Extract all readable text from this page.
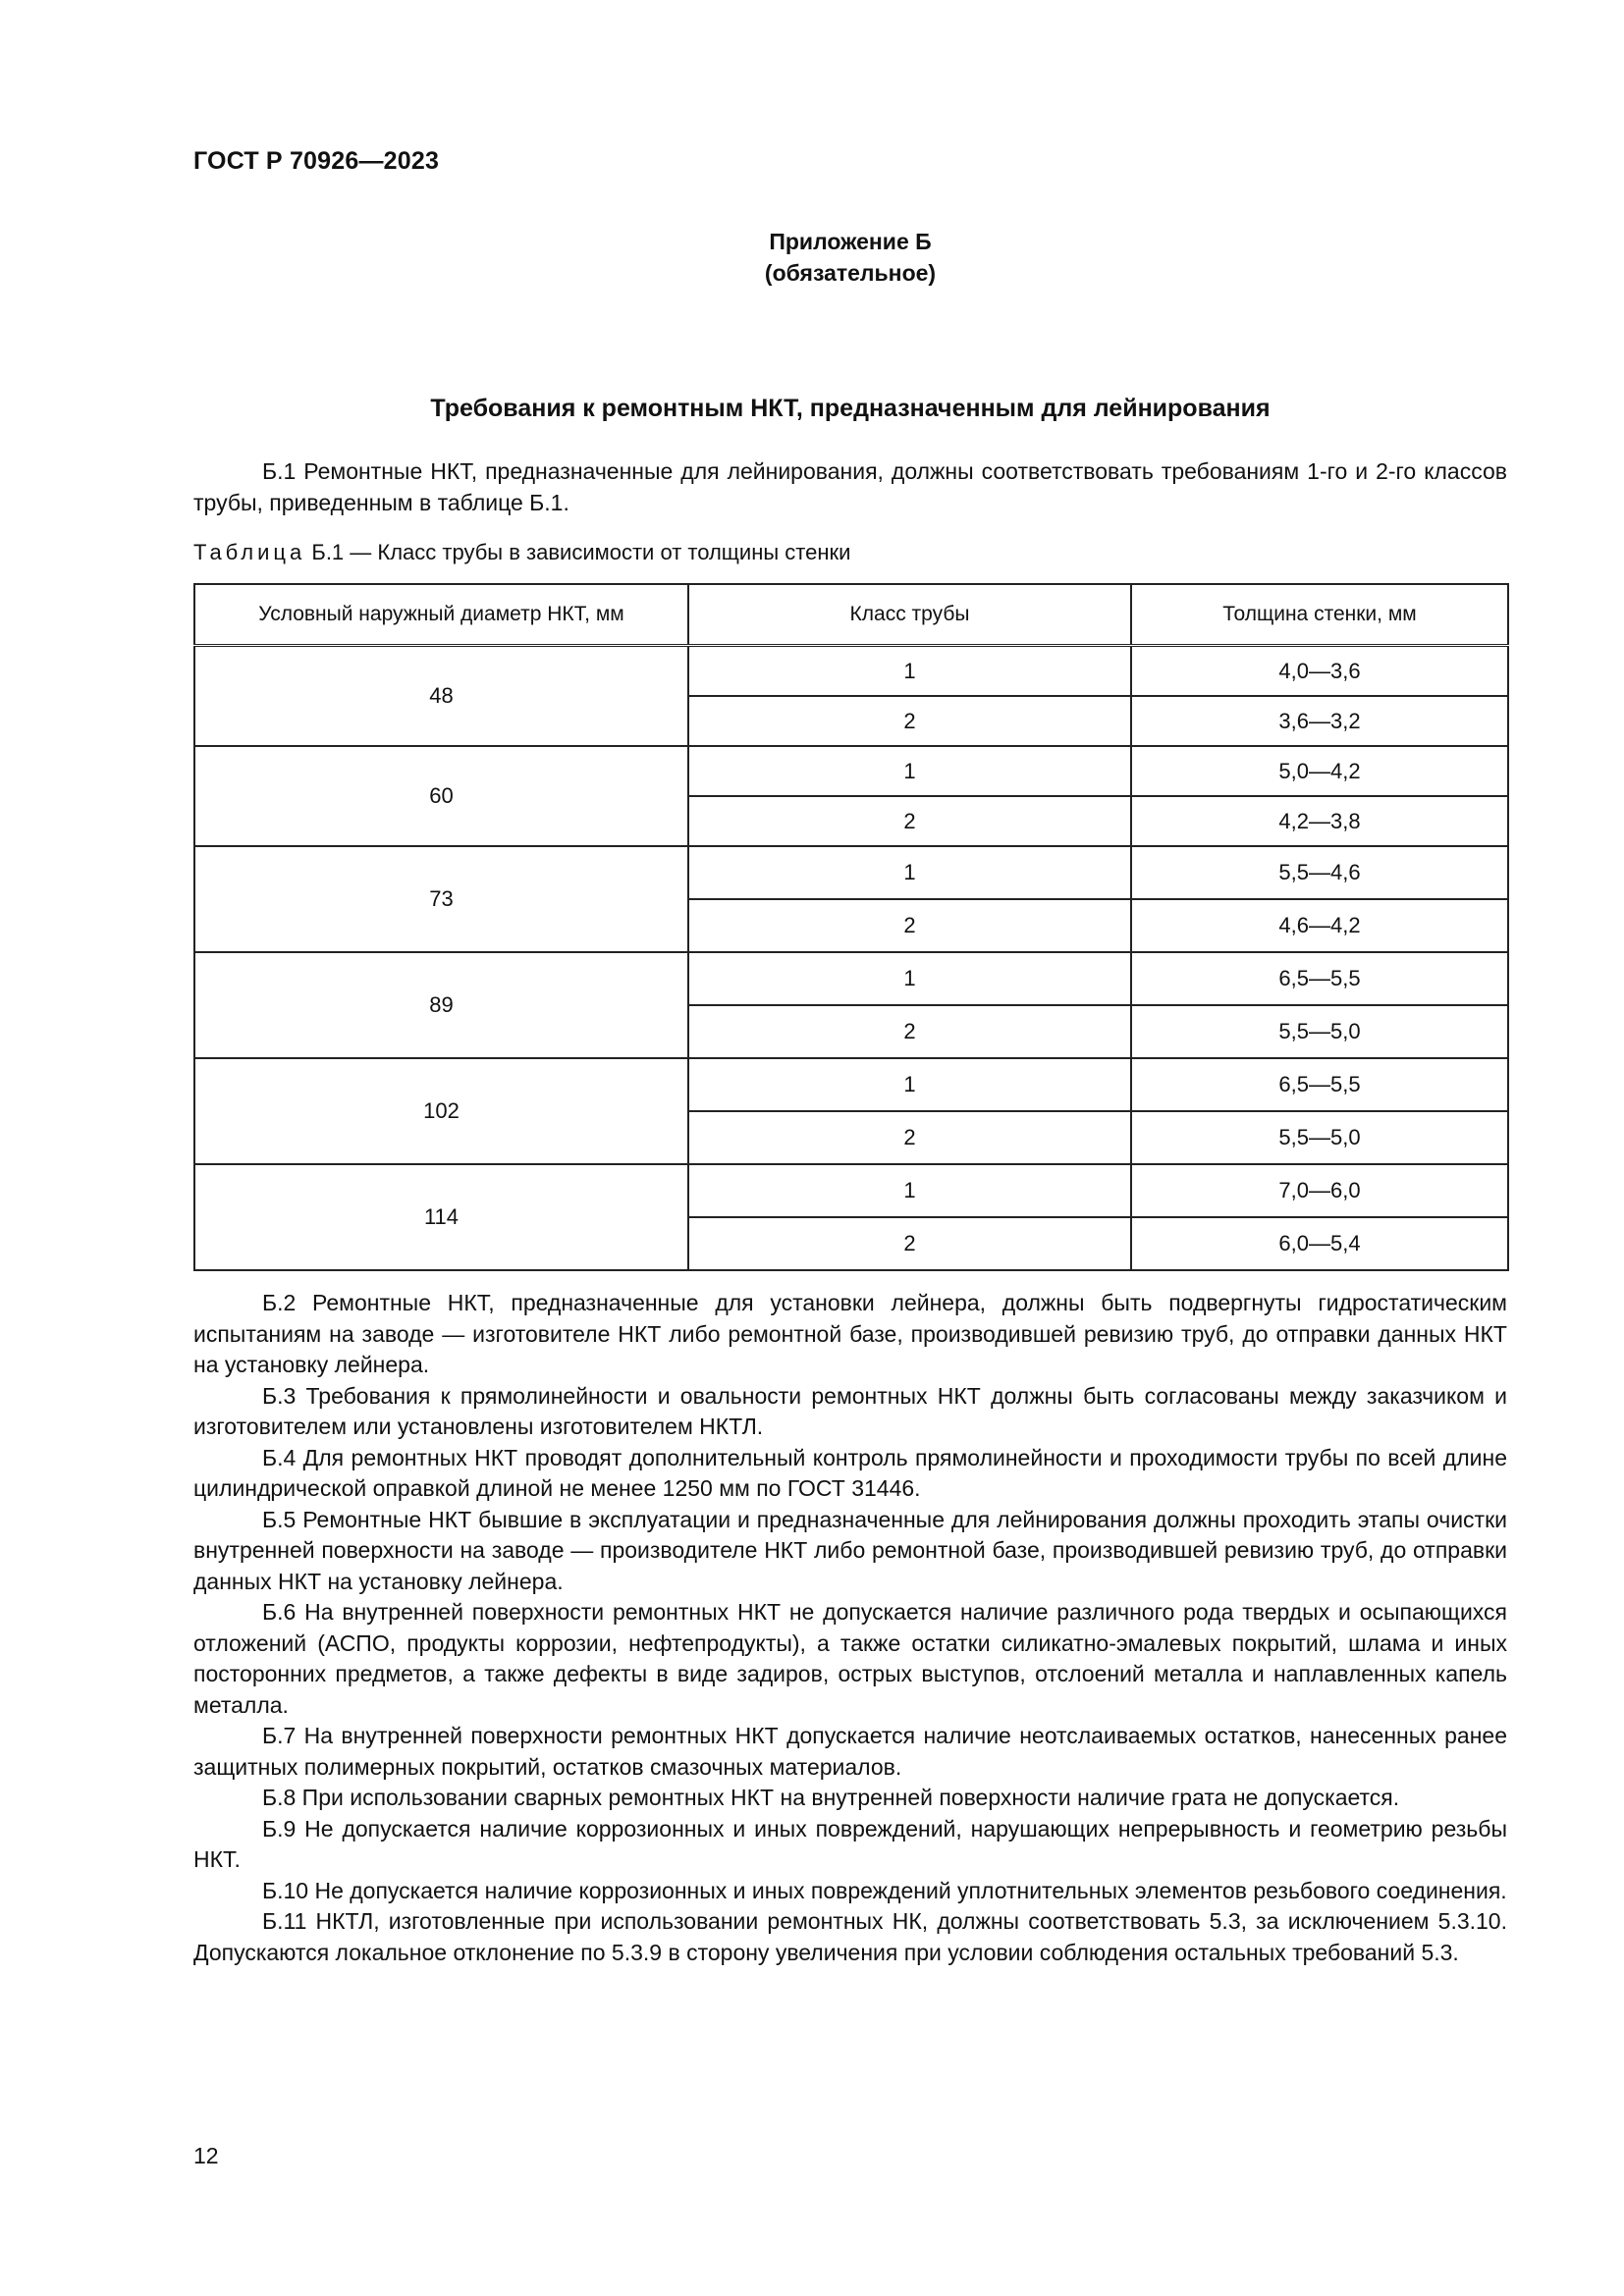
ГОСТ Р 70926—2023
Приложение Б
(обязательное)
Требования к ремонтным НКТ, предназначенным для лейнирования

Б.1 Ремонтные НКТ, предназначенные для лейнирования, должны соответствовать требованиям 1-го и 2-го классов трубы, приведенным в таблице Б.1.

Таблица Б.1 — Класс трубы в зависимости от толщины стенки
Условный наружный диаметр НКТ, мм	Класс трубы	Толщина стенки, мм
48	1	4,0—3,6
	2	3,6—3,2
60	1	5,0—4,2
	2	4,2—3,8
73	1	5,5—4,6
	2	4,6—4,2
89	1	6,5—5,5
	2	5,5—5,0
102	1	6,5—5,5
	2	5,5—5,0
114	1	7,0—6,0
	2	6,0—5,4

Б.2 Ремонтные НКТ, предназначенные для установки лейнера, должны быть подвергнуты гидростатическим испытаниям на заводе — изготовителе НКТ либо ремонтной базе, производившей ревизию труб, до отправки данных НКТ на установку лейнера.

Б.3 Требования к прямолинейности и овальности ремонтных НКТ должны быть согласованы между заказчиком и изготовителем или установлены изготовителем НКТЛ.

Б.4 Для ремонтных НКТ проводят дополнительный контроль прямолинейности и проходимости трубы по всей длине цилиндрической оправкой длиной не менее 1250 мм по ГОСТ 31446.

Б.5 Ремонтные НКТ бывшие в эксплуатации и предназначенные для лейнирования должны проходить этапы очистки внутренней поверхности на заводе — производителе НКТ либо ремонтной базе, производившей ревизию труб, до отправки данных НКТ на установку лейнера.

Б.6 На внутренней поверхности ремонтных НКТ не допускается наличие различного рода твердых и осыпающихся отложений (АСПО, продукты коррозии, нефтепродукты), а также остатки силикатно-эмалевых покрытий, шлама и иных посторонних предметов, а также дефекты в виде задиров, острых выступов, отслоений металла и наплавленных капель металла.

Б.7 На внутренней поверхности ремонтных НКТ допускается наличие неотслаиваемых остатков, нанесенных ранее защитных полимерных покрытий, остатков смазочных материалов.

Б.8 При использовании сварных ремонтных НКТ на внутренней поверхности наличие грата не допускается.

Б.9 Не допускается наличие коррозионных и иных повреждений, нарушающих непрерывность и геометрию резьбы НКТ.

Б.10 Не допускается наличие коррозионных и иных повреждений уплотнительных элементов резьбового соединения.

Б.11 НКТЛ, изготовленные при использовании ремонтных НК, должны соответствовать 5.3, за исключением 5.3.10. Допускаются локальное отклонение по 5.3.9 в сторону увеличения при условии соблюдения остальных требований 5.3.

12
